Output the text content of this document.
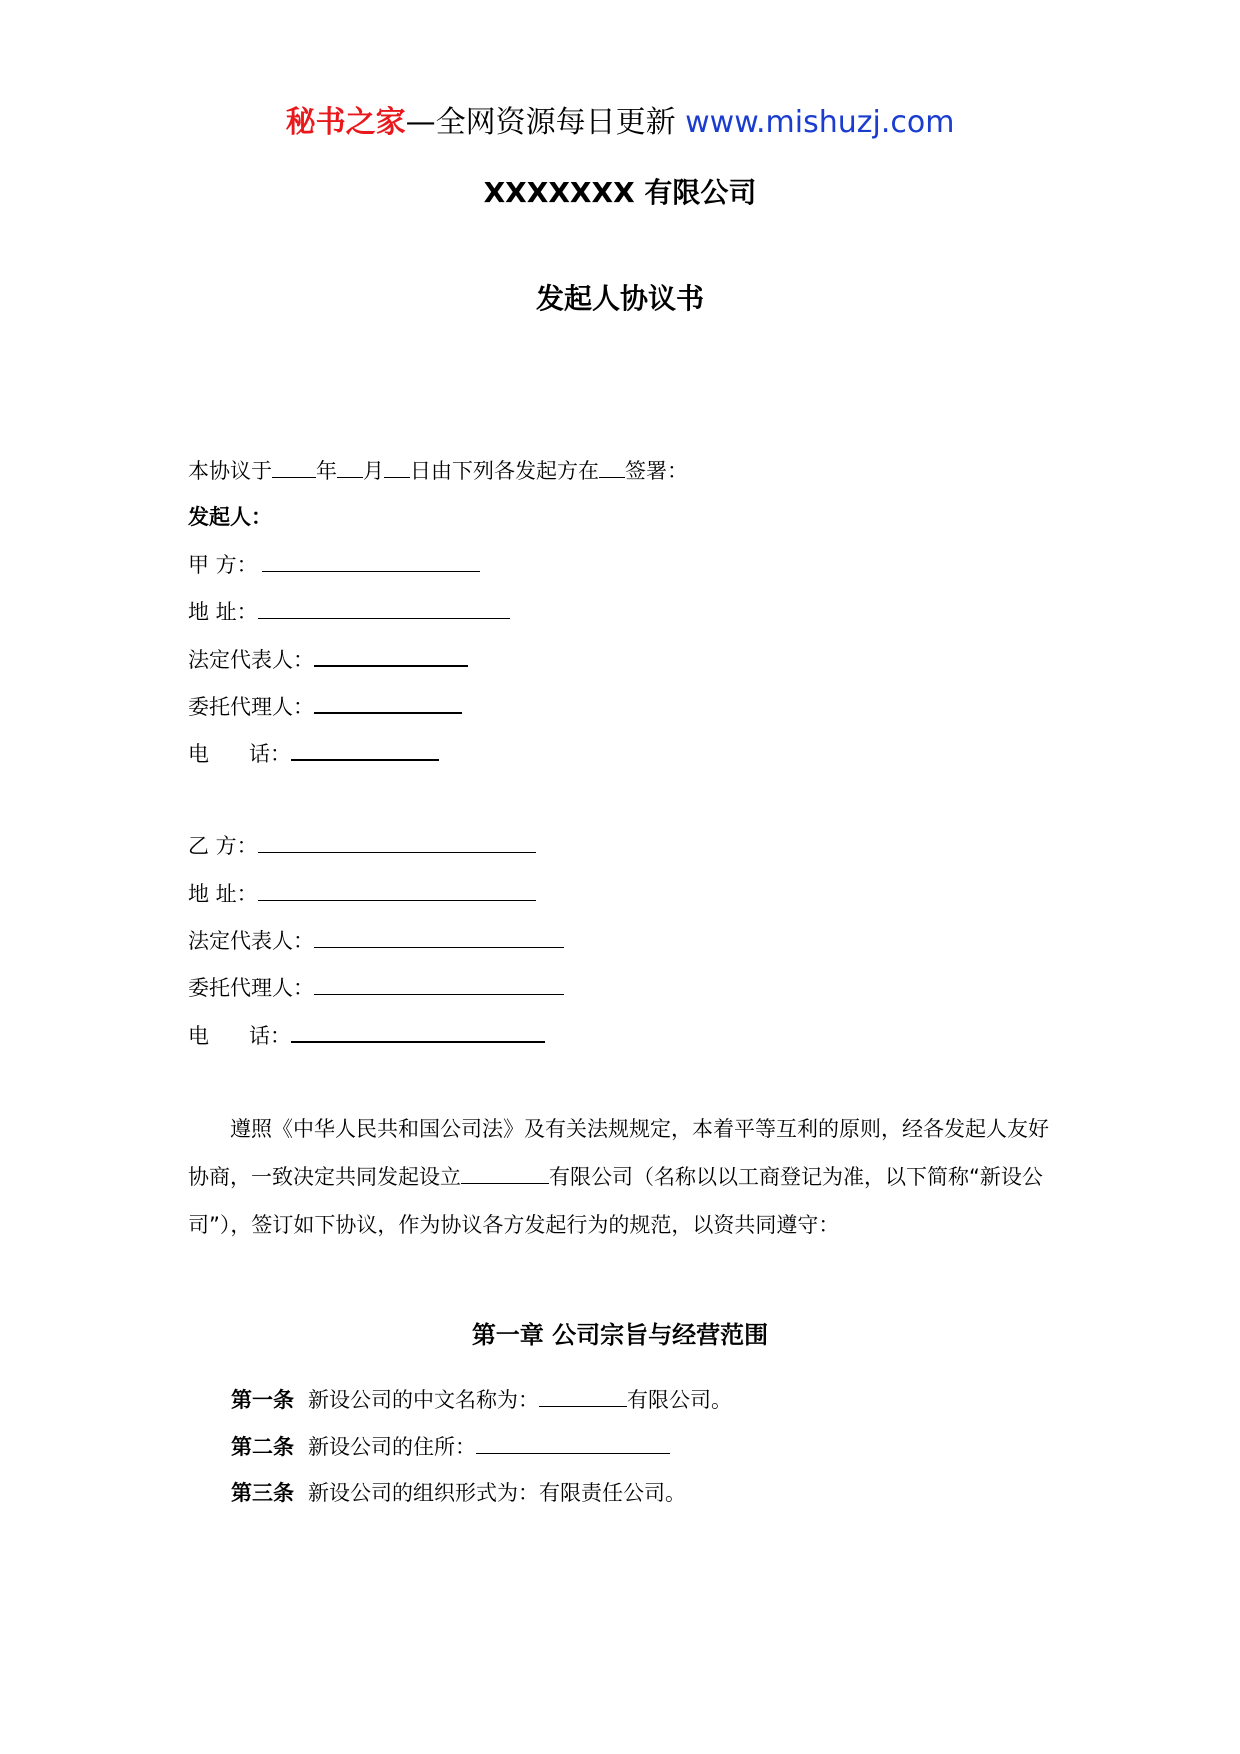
秘书之家—全网资源每日更新 www.mishuzj.com
XXXXXXX 有限公司
发起人协议书
本协议于 年 月 日由下列各发起方在 签署：
发起人：
甲 方：
地 址：
法定代表人：
委托代理人：
电      话：
乙 方：
地 址：
法定代表人：
委托代理人：
电      话：
遵照《中华人民共和国公司法》及有关法规规定，本着平等互利的原则，经各发起人友好协商，一致决定共同发起设立	有限公司（名称以以工商登记为准，以下简称“新设公司”），签订如下协议，作为协议各方发起行为的规范，以资共同遵守：
第一章 公司宗旨与经营范围
第一条 新设公司的中文名称为：	有限公司。
第二条 新设公司的住所：
第三条 新设公司的组织形式为：有限责任公司。
